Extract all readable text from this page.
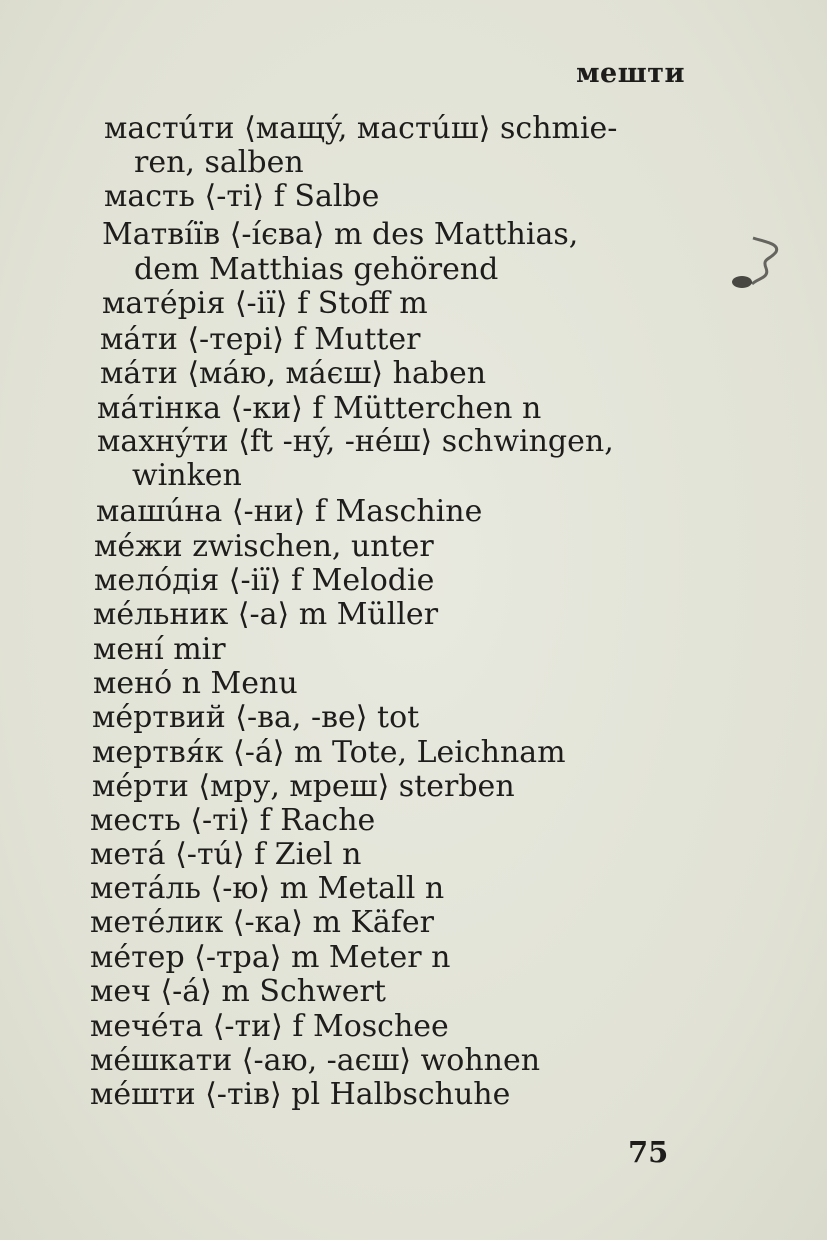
мешти
мастúти ⟨мащý, мастúш⟩ schmie-
ren, salben
масть ⟨-ті⟩ f Salbe
Матвíїв ⟨-íєва⟩ m des Matthias,
dem Matthias gehörend
матéрія ⟨-ії⟩ f Stoff m
мáти ⟨-тері⟩ f Mutter
мáти ⟨мáю, мáєш⟩ haben
мáтінка ⟨-ки⟩ f Mütterchen n
махнýти ⟨ft -нý, -нéш⟩ schwingen,
winken
машúна ⟨-ни⟩ f Maschine
мéжи zwischen, unter
мелóдія ⟨-ії⟩ f Melodie
мéльник ⟨-а⟩ m Müller
менí mir
менó n Menu
мéртвий ⟨-ва, -ве⟩ tot
мертвя́к ⟨-á⟩ m Tote, Leichnam
мéрти ⟨мру, мреш⟩ sterben
месть ⟨-ті⟩ f Rache
метá ⟨-тú⟩ f Ziel n
метáль ⟨-ю⟩ m Metall n
метéлик ⟨-ка⟩ m Käfer
мéтер ⟨-тра⟩ m Meter n
меч ⟨-á⟩ m Schwert
мечéта ⟨-ти⟩ f Moschee
мéшкати ⟨-аю, -аєш⟩ wohnen
мéшти ⟨-тів⟩ pl Halbschuhe
75
